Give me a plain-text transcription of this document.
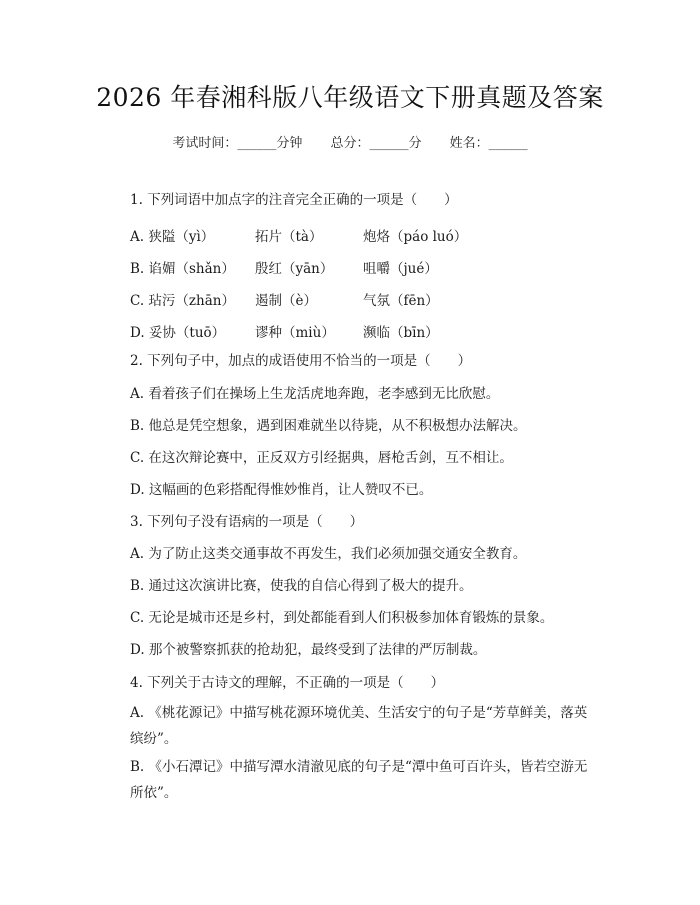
2026 年春湘科版八年级语文下册真题及答案
考试时间：______分钟 总分：______分 姓名：______
1. 下列词语中加点字的注音完全正确的一项是（　　）
A. 狭隘（yì）	拓片（tà）	炮烙（páo luó）
B. 谄媚（shǎn） 殷红（yān） 咀嚼（jué）
C. 玷污（zhān） 遏制（è）	气氛（fēn）
D. 妥协（tuō） 谬种（miù） 濒临（bīn）
2. 下列句子中，加点的成语使用不恰当的一项是（　　）
A. 看着孩子们在操场上生龙活虎地奔跑，老李感到无比欣慰。
B. 他总是凭空想象，遇到困难就坐以待毙，从不积极想办法解决。
C. 在这次辩论赛中，正反双方引经据典，唇枪舌剑，互不相让。
D. 这幅画的色彩搭配得惟妙惟肖，让人赞叹不已。
3. 下列句子没有语病的一项是（　　）
A. 为了防止这类交通事故不再发生，我们必须加强交通安全教育。
B. 通过这次演讲比赛，使我的自信心得到了极大的提升。
C. 无论是城市还是乡村，到处都能看到人们积极参加体育锻炼的景象。
D. 那个被警察抓获的抢劫犯，最终受到了法律的严厉制裁。
4. 下列关于古诗文的理解，不正确的一项是（　　）
A. 《桃花源记》中描写桃花源环境优美、生活安宁的句子是“芳草鲜美，落英缤纷”。
B. 《小石潭记》中描写潭水清澈见底的句子是“潭中鱼可百许头，皆若空游无所依”。
